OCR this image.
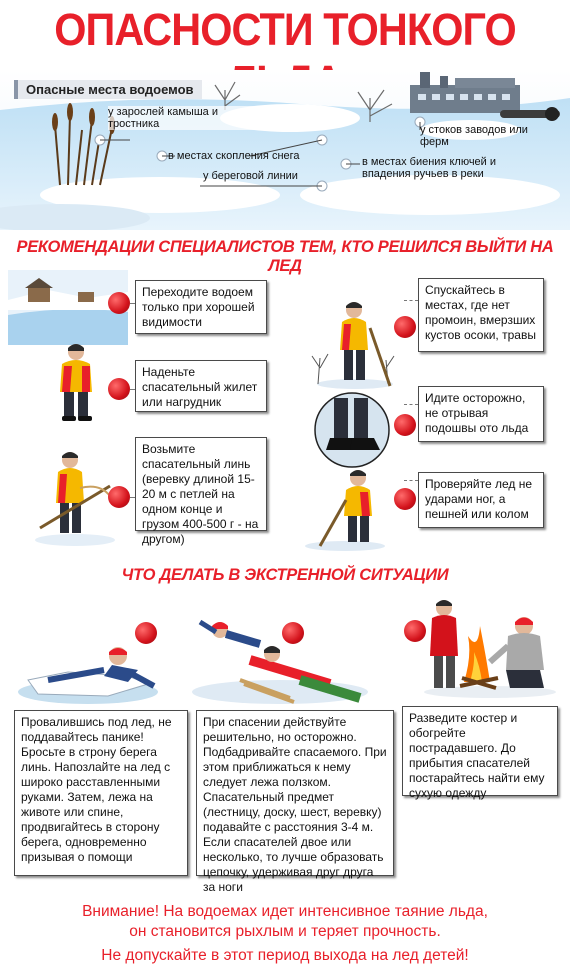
ОПАСНОСТИ ТОНКОГО
Опасные места водоемов
у зарослей камыша и тростника
в местах скопления снега
у береговой линии
у стоков заводов или ферм
в местах биения ключей и впадения ручьев в реки
РЕКОМЕНДАЦИИ СПЕЦИАЛИСТОВ ТЕМ, КТО РЕШИЛСЯ ВЫЙТИ НА ЛЕД
Переходите водоем только при хорошей видимости
Наденьте спасательный жилет или нагрудник
Возьмите спасательный линь (веревку длиной 15-20 м с петлей на одном конце и грузом 400-500 г - на другом)
Спускайтесь в местах, где нет промоин, вмерзших кустов осоки, травы
Идите осторожно, не отрывая подошвы ото льда
Проверяйте лед не ударами ног, а пешней или колом
ЧТО ДЕЛАТЬ В ЭКСТРЕННОЙ СИТУАЦИИ
Провалившись под лед, не поддавайтесь панике! Бросьте в строну берега линь. Напозлайте на лед с широко расставленными руками. Затем, лежа на животе или спине, продвигайтесь в сторону берега, одновременно призывая о помощи
При спасении действуйте решительно, но осторожно. Подбадривайте спасаемого. При этом приближаться к нему следует лежа ползком. Спасательный предмет (лестницу, доску, шест, веревку) подавайте с расстояния 3-4 м. Если спасателей двое или несколько, то лучше образовать цепочку, удерживая друг друга за ноги
Разведите костер и обогрейте пострадавшего. До прибытия спасателей постарайтесь найти ему сухую одежду
Внимание! На водоемах идет интенсивное таяние льда,
он становится рыхлым и теряет прочность.
Не допускайте в этот период выхода на лед детей!
